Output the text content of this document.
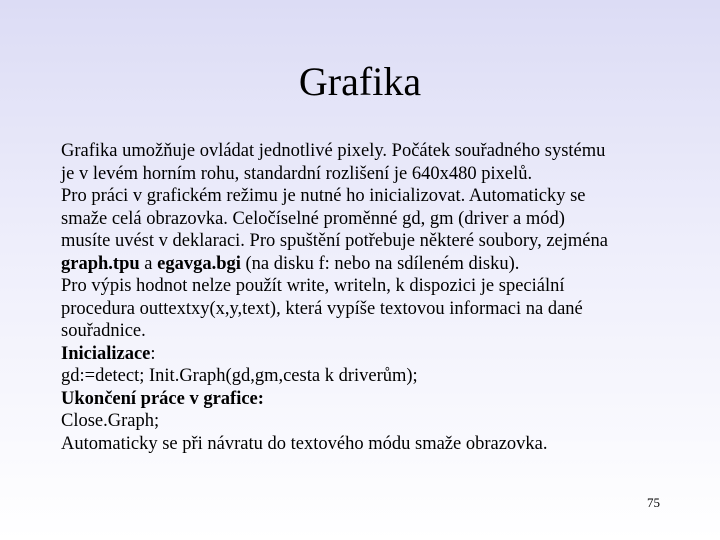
Grafika

Grafika umožňuje ovládat jednotlivé pixely. Počátek souřadného systému
je v levém horním rohu, standardní rozlišení je 640x480 pixelů.

Pro práci v grafickém režimu je nutné ho inicializovat. Automaticky se
smaže celá obrazovka. Celočíselné proměnné gd, gm (driver a mód)
musíte uvést v deklaraci. Pro spuštění potřebuje některé soubory, zejména
graph.tpu a egavga.bgi (na disku f: nebo na sdíleném disku).

Pro výpis hodnot nelze použít write, writeln, k dispozici je speciální
procedura outtextxy(x,y,text), která vypíše textovou informaci na dané
souřadnice.

Inicializace:

gd:=detect; Init.Graph(gd,gm,cesta k driverům);

Ukončení práce v grafice:

Close.Graph;

Automaticky se při návratu do textového módu smaže obrazovka.

75
